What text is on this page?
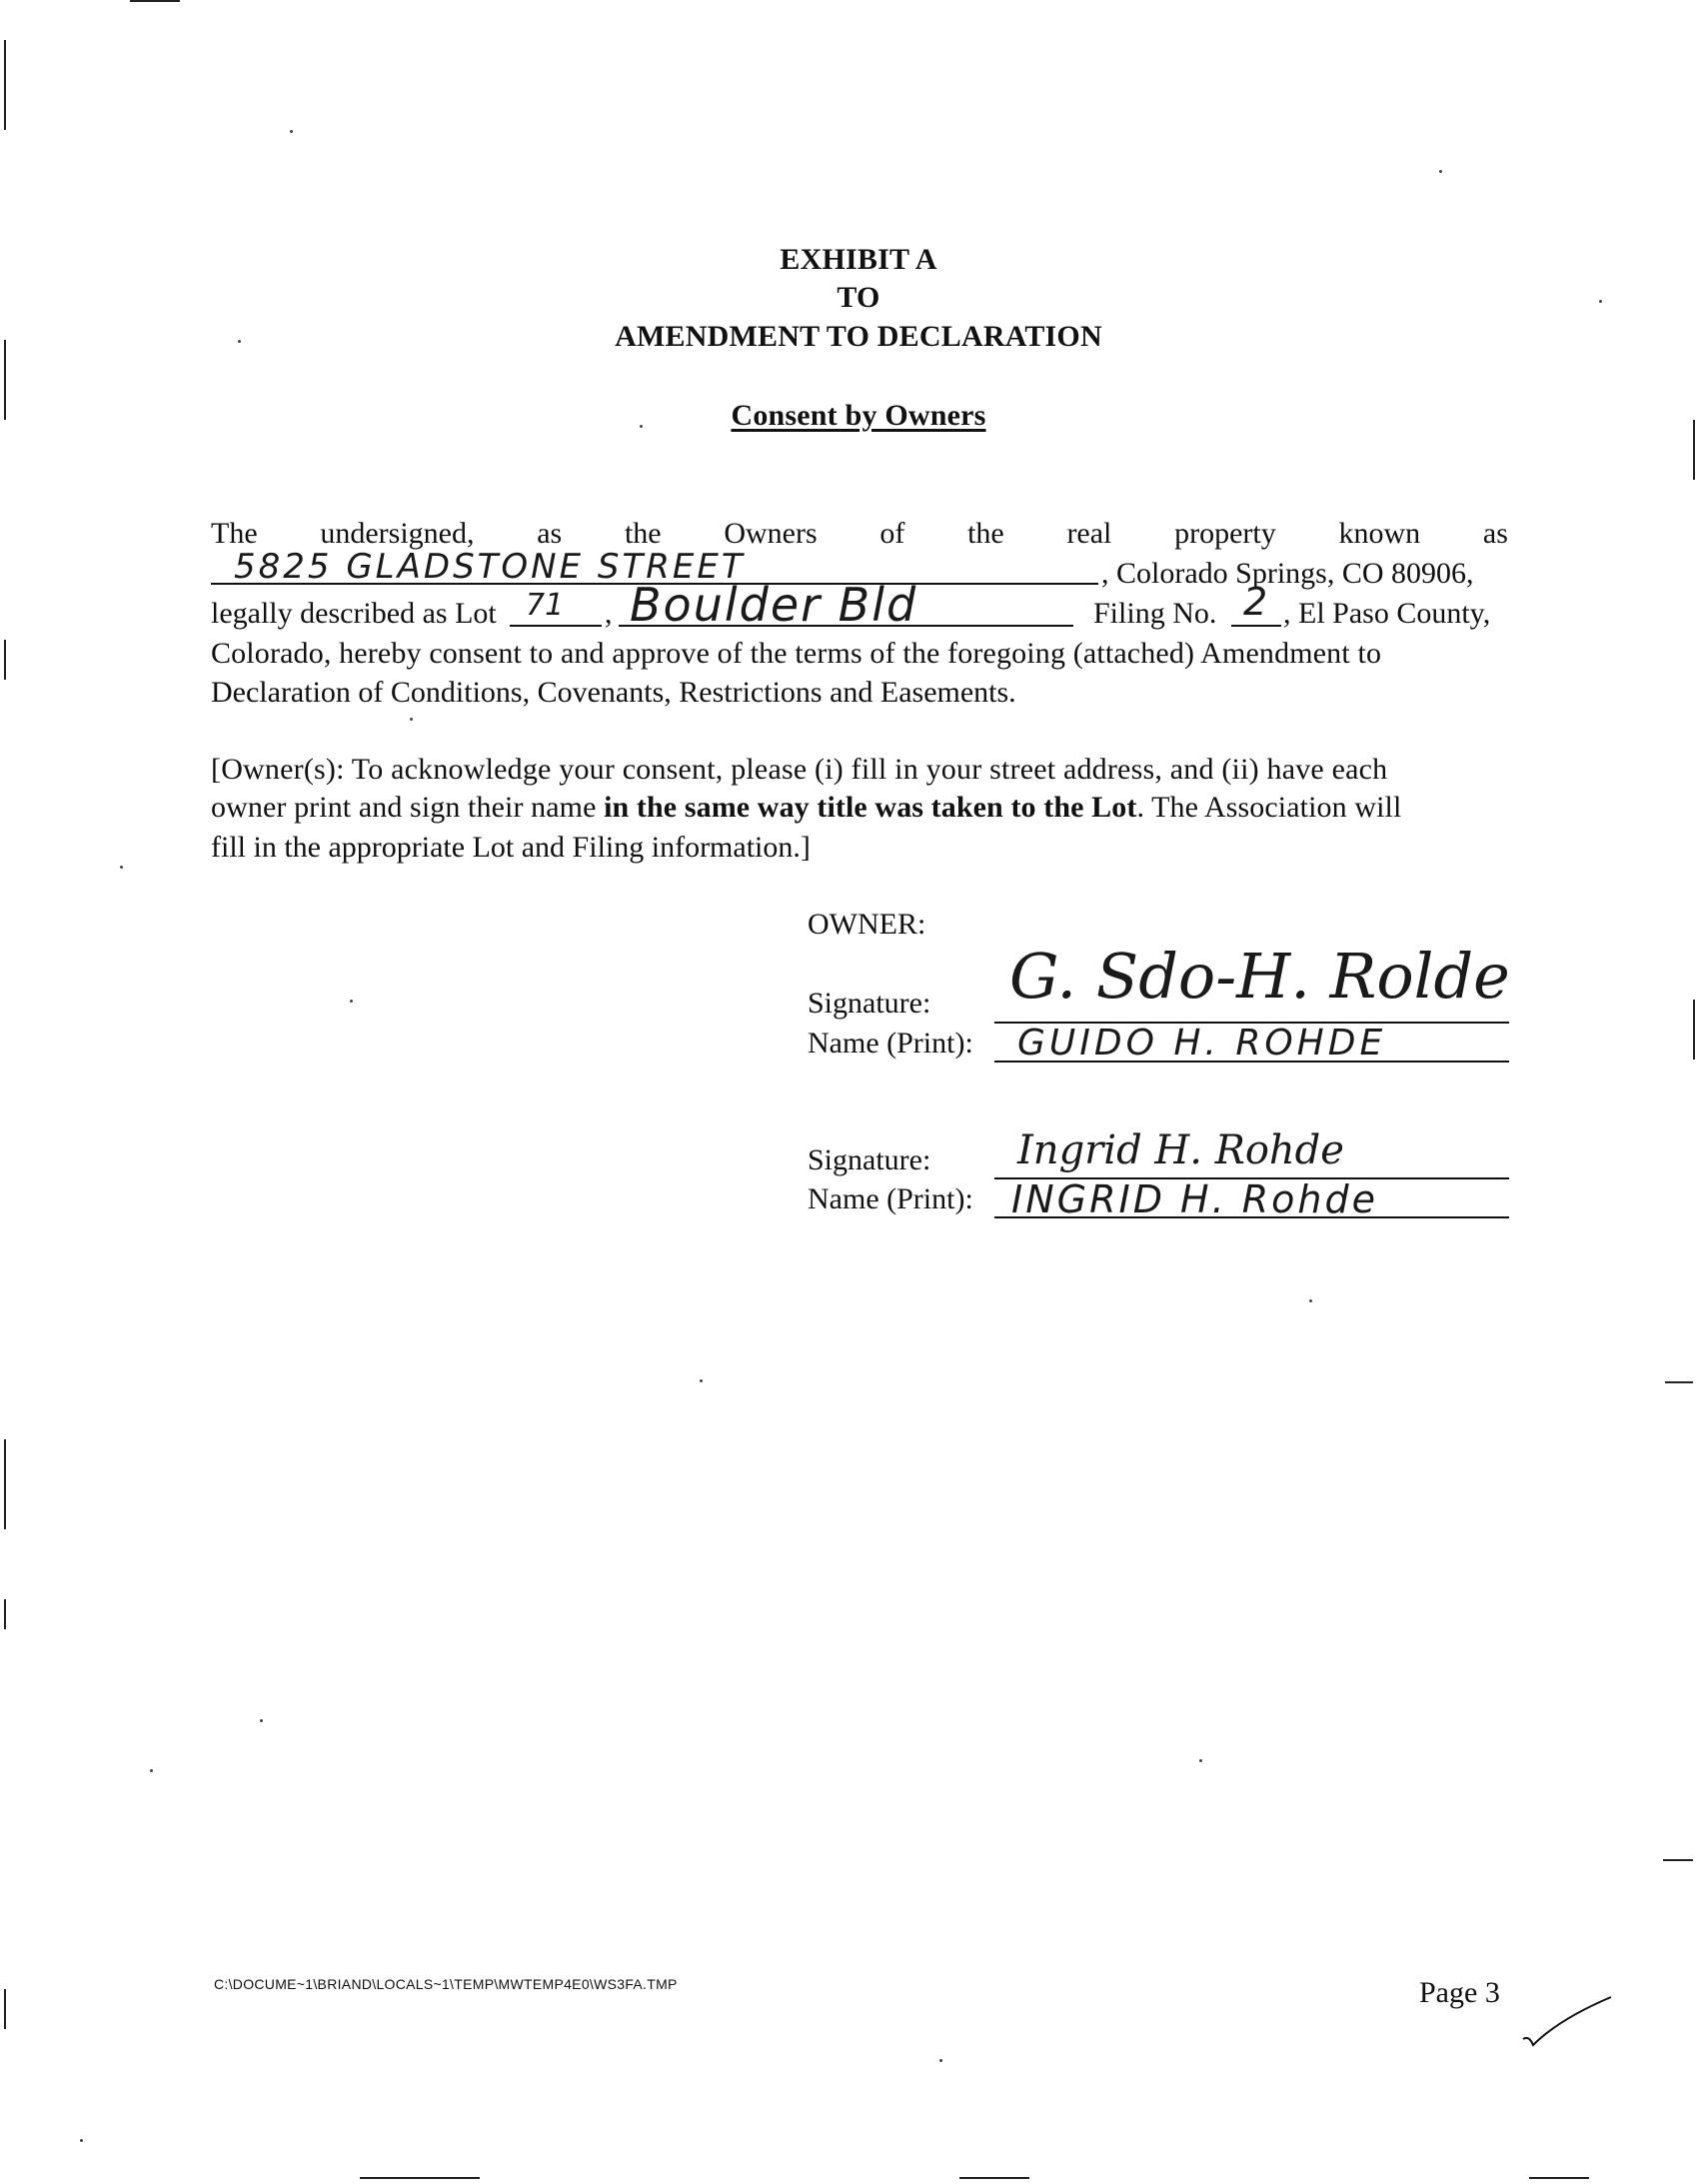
EXHIBIT A
TO
AMENDMENT TO DECLARATION
Consent by Owners
The undersigned, as the Owners of the real property known as
5825 GLADSTONE STREET	, Colorado Springs, CO 80906,
legally described as Lot 71 , Boulder Bld	Filing No. 2 , El Paso County,
Colorado, hereby consent to and approve of the terms of the foregoing (attached) Amendment to
Declaration of Conditions, Covenants, Restrictions and Easements.
[Owner(s): To acknowledge your consent, please (i) fill in your street address, and (ii) have each
owner print and sign their name in the same way title was taken to the Lot. The Association will
fill in the appropriate Lot and Filing information.]
OWNER:
Signature: G. Sdo-H. Rolde
Name (Print): GUIDO H. ROHDE
Signature: Ingrid H. Rohde
Name (Print): INGRID H. Rohde
C:\DOCUME~1\BRIAND\LOCALS~1\TEMP\MWTEMP4E0\WS3FA.TMP	Page 3
